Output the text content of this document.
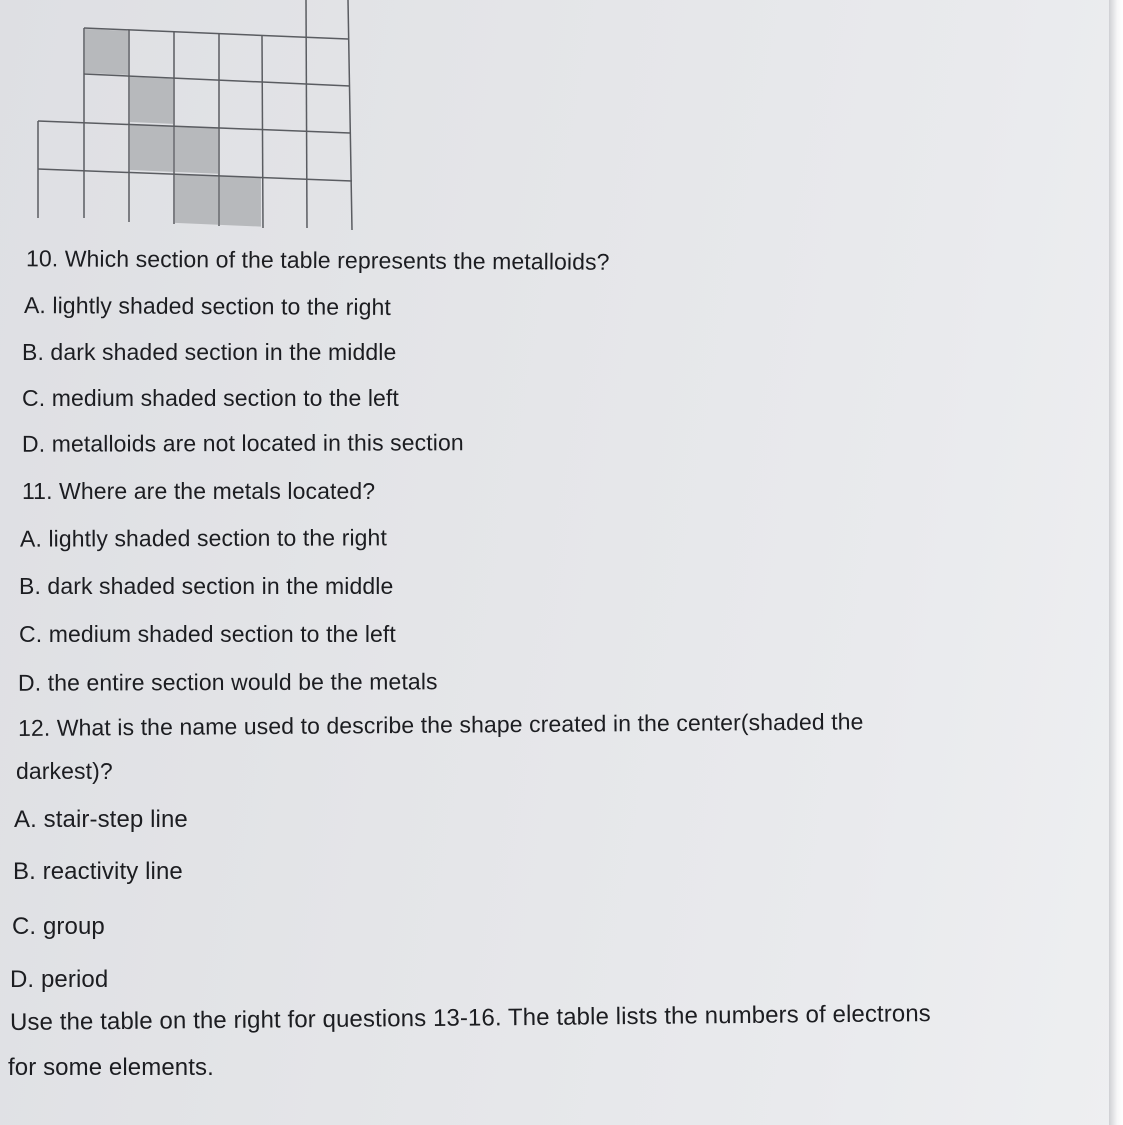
10. Which section of the table represents the metalloids?
A. lightly shaded section to the right
B. dark shaded section in the middle
C. medium shaded section to the left
D. metalloids are not located in this section
11. Where are the metals located?
A. lightly shaded section to the right
B. dark shaded section in the middle
C. medium shaded section to the left
D. the entire section would be the metals
12. What is the name used to describe the shape created in the center(shaded the
darkest)?
A. stair-step line
B. reactivity line
C. group
D. period
Use the table on the right for questions 13-16. The table lists the numbers of electrons
for some elements.
